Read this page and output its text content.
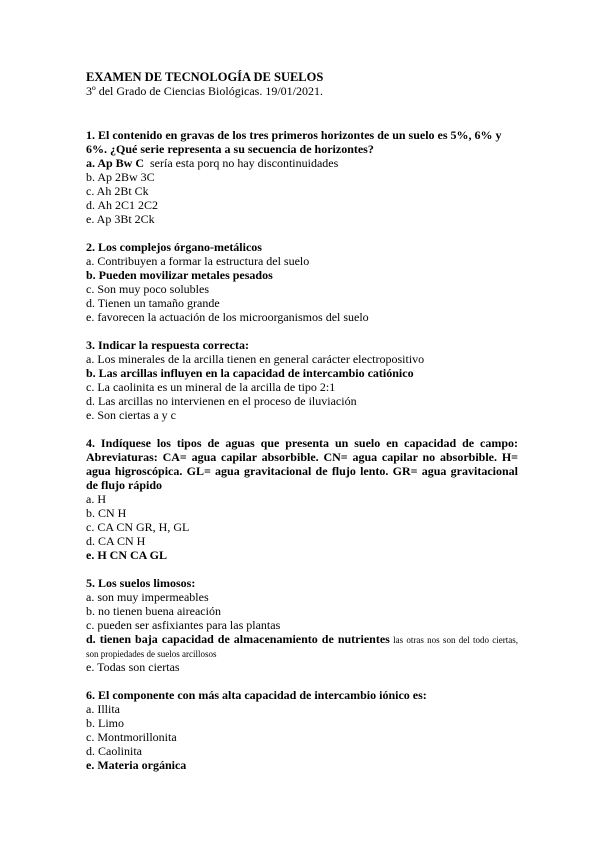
EXAMEN DE TECNOLOGÍA DE SUELOS

3º del Grado de Ciencias Biológicas. 19/01/2021.

1. El contenido en gravas de los tres primeros horizontes de un suelo es 5%, 6% y 6%. ¿Qué serie representa a su secuencia de horizontes?

a. Ap Bw C  sería esta porq no hay discontinuidades

b. Ap 2Bw 3C

c. Ah 2Bt Ck

d. Ah 2C1 2C2

e. Ap 3Bt 2Ck

2. Los complejos órgano-metálicos

a. Contribuyen a formar la estructura del suelo

b. Pueden movilizar metales pesados

c. Son muy poco solubles

d. Tienen un tamaño grande

e. favorecen la actuación de los microorganismos del suelo

3. Indicar la respuesta correcta:

a. Los minerales de la arcilla tienen en general carácter electropositivo

b. Las arcillas influyen en la capacidad de intercambio catiónico

c. La caolinita es un mineral de la arcilla de tipo 2:1

d. Las arcillas no intervienen en el proceso de iluviación

e. Son ciertas a y c

4. Indíquese los tipos de aguas que presenta un suelo en capacidad de campo: Abreviaturas: CA= agua capilar absorbible. CN= agua capilar no absorbible. H= agua higroscópica. GL= agua gravitacional de flujo lento. GR= agua gravitacional de flujo rápido

a. H

b. CN H

c. CA CN GR, H, GL

d. CA CN H

e. H CN CA GL

5. Los suelos limosos:

a. son muy impermeables

b. no tienen buena aireación

c. pueden ser asfixiantes para las plantas

d. tienen baja capacidad de almacenamiento de nutrientes las otras nos son del todo ciertas, son propiedades de suelos arcillosos

e. Todas son ciertas

6. El componente con más alta capacidad de intercambio iónico es:

a. Illita

b. Limo

c. Montmorillonita

d. Caolinita

e. Materia orgánica
